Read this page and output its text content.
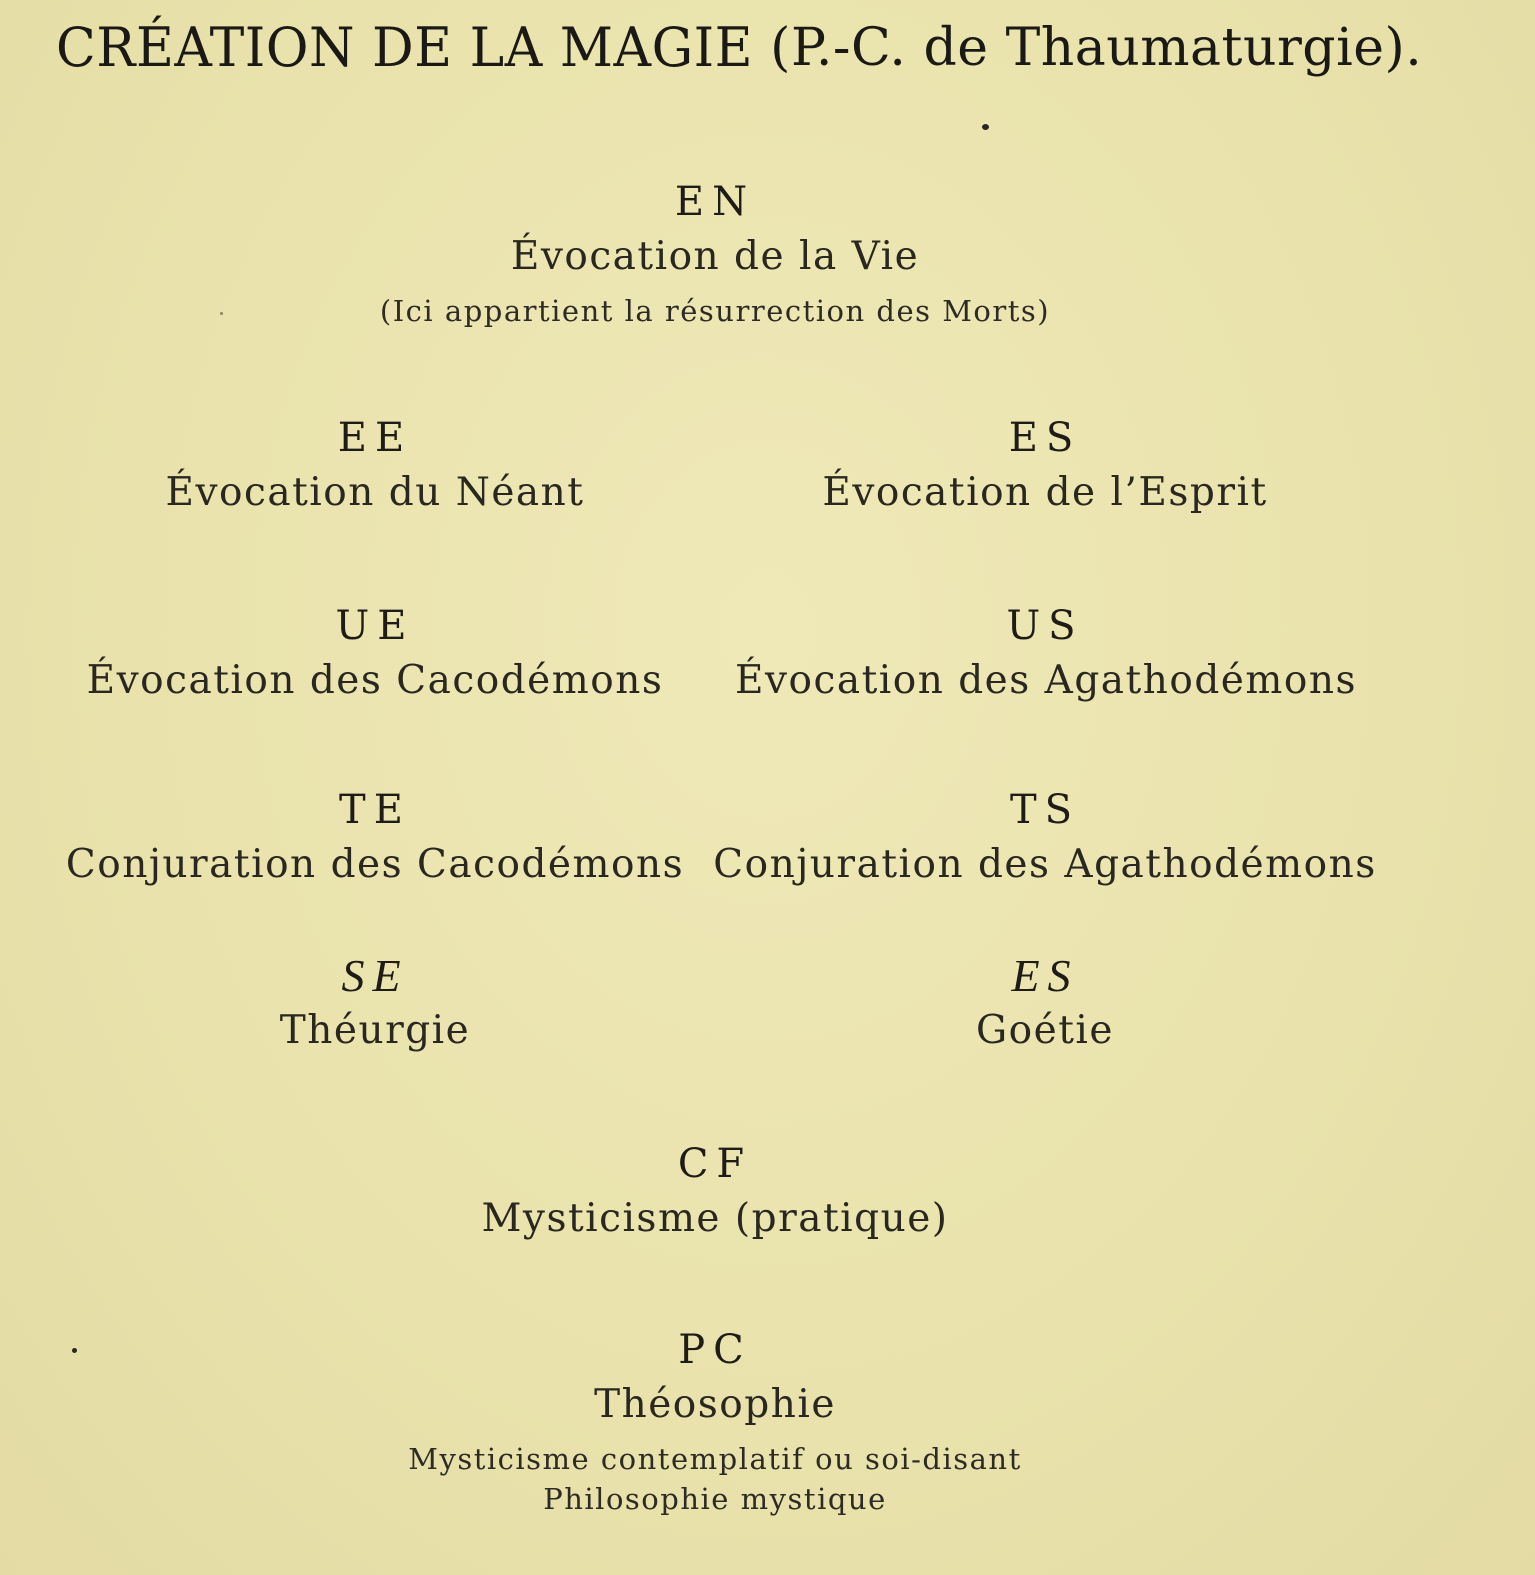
CRÉATION DE LA MAGIE (P.-C. de Thaumaturgie).
EN
Évocation de la Vie
(Ici appartient la résurrection des Morts)
EE
Évocation du Néant
ES
Évocation de l’Esprit
UE
Évocation des Cacodémons
US
Évocation des Agathodémons
TE
Conjuration des Cacodémons
TS
Conjuration des Agathodémons
SE
Théurgie
ES
Goétie
CF
Mysticisme (pratique)
PC
Théosophie
Mysticisme contemplatif ou soi-disant
Philosophie mystique
